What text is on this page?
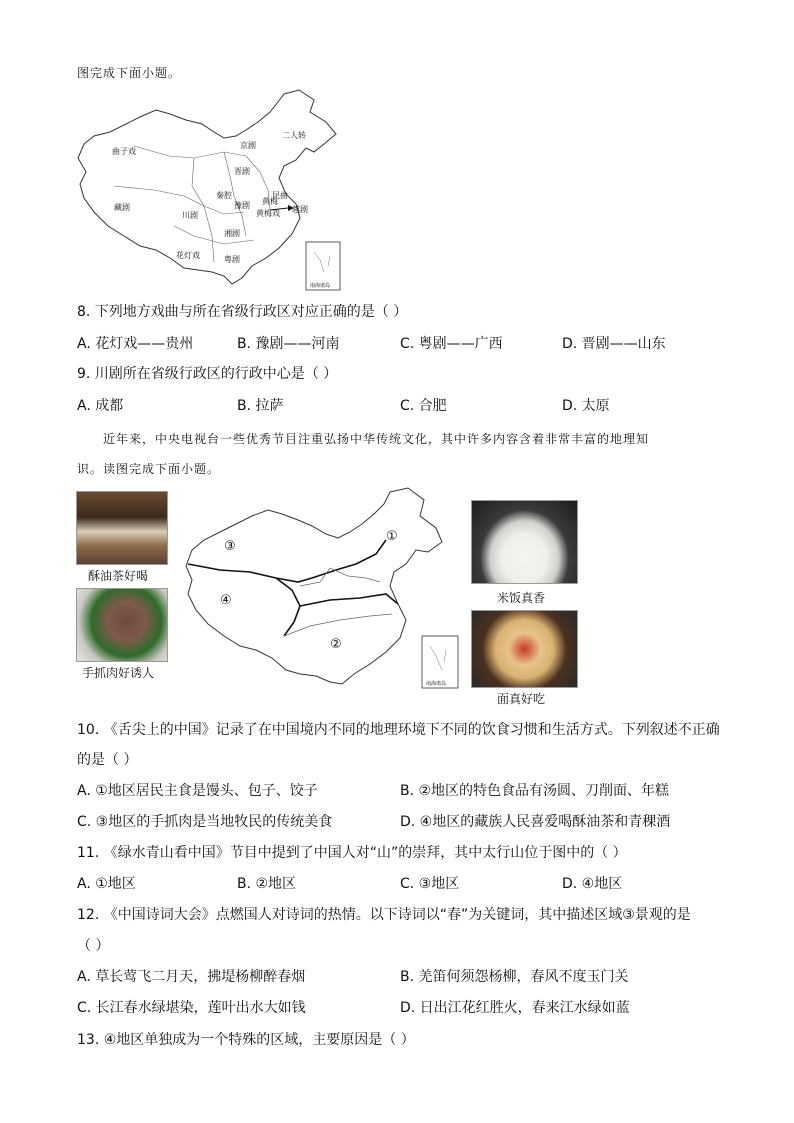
图完成下面小题。
曲子戏
京剧
二人转
晋剧
豫剧
秦腔
黄梅戏 越剧
藏剧
川剧
湘剧
花灯戏	粤剧
黄梅
昆曲
南海诸岛
8. 下列地方戏曲与所在省级行政区对应正确的是（ ）
A. 花灯戏——贵州	B. 豫剧——河南	C. 粤剧——广西	D. 晋剧——山东
9. 川剧所在省级行政区的行政中心是（ ）
A. 成都	B. 拉萨	C. 合肥	D. 太原
近年来，中央电视台一些优秀节目注重弘扬中华传统文化，其中许多内容含着非常丰富的地理知
识。读图完成下面小题。
酥油茶好喝
手抓肉好诱人
①
②
③
④
南海诸岛
米饭真香
面真好吃
10. 《舌尖上的中国》记录了在中国境内不同的地理环境下不同的饮食习惯和生活方式。下列叙述不正确
的是（ ）
A. ①地区居民主食是馒头、包子、饺子	B. ②地区的特色食品有汤圆、刀削面、年糕
C. ③地区的手抓肉是当地牧民的传统美食	D. ④地区的藏族人民喜爱喝酥油茶和青稞酒
11. 《绿水青山看中国》节目中提到了中国人对“山”的崇拜，其中太行山位于图中的（ ）
A. ①地区	B. ②地区	C. ③地区	D. ④地区
12. 《中国诗词大会》点燃国人对诗词的热情。以下诗词以“春”为关键词，其中描述区域③景观的是
（ ）
A. 草长莺飞二月天，拂堤杨柳醉春烟	B. 羌笛何须怨杨柳，春风不度玉门关
C. 长江春水绿堪染，莲叶出水大如钱	D. 日出江花红胜火，春来江水绿如蓝
13. ④地区单独成为一个特殊的区域，主要原因是（ ）
